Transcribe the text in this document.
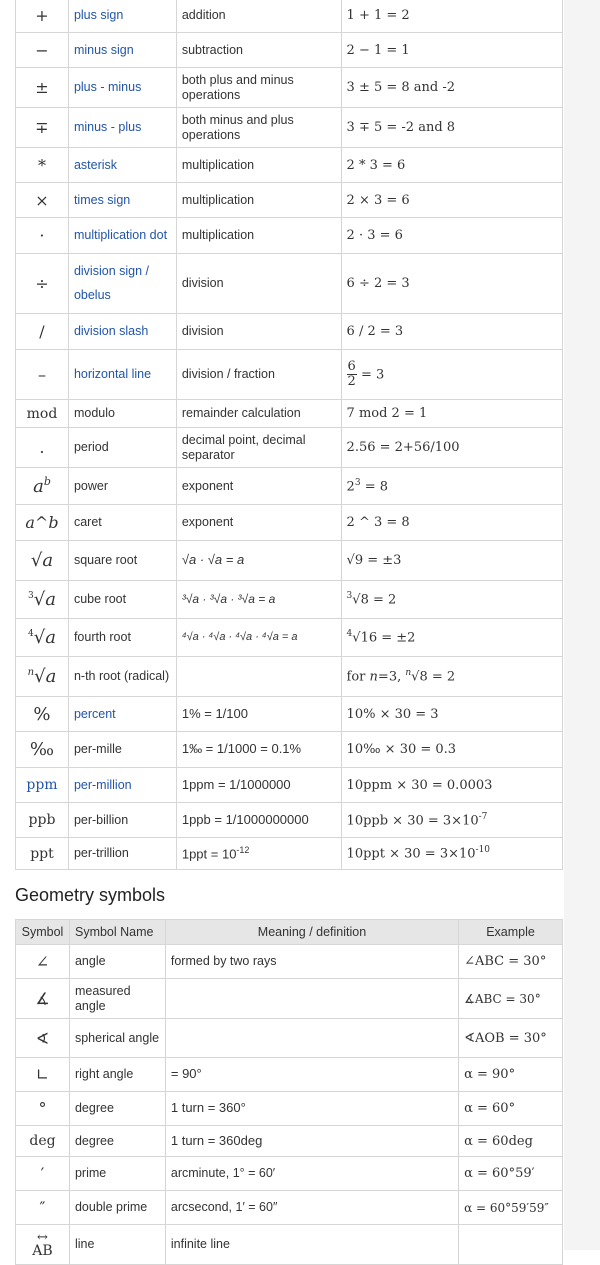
+	plus sign	addition	1 + 1 = 2
−	minus sign	subtraction	2 − 1 = 1
±	plus - minus	both plus and minus operations	3 ± 5 = 8 and -2
∓	minus - plus	both minus and plus operations	3 ∓ 5 = -2 and 8
*	asterisk	multiplication	2 * 3 = 6
×	times sign	multiplication	2 × 3 = 6
·	multiplication dot	multiplication	2 · 3 = 6
÷	division sign / obelus	division	6 ÷ 2 = 3
/	division slash	division	6 / 2 = 3
–	horizontal line	division / fraction	$\frac{6}{2} = 3$
mod	modulo	remainder calculation	7 mod 2 = 1
.	period	decimal point, decimal separator	2.56 = 2+56/100
$a^b$	power	exponent	$2^3 = 8$
a^b	caret	exponent	2 ^ 3 = 8
√a	square root	√a · √a = a	√9 = ±3
$^3$√a	cube root	³√a · ³√a · ³√a = a	$^3$√8 = 2
$^4$√a	fourth root	⁴√a · ⁴√a · ⁴√a · ⁴√a = a	$^4$√16 = ±2
$^n$√a	n-th root (radical)		for n=3, $^n$√8 = 2
%	percent	1% = 1/100	10% × 30 = 3
‰	per-mille	1‰ = 1/1000 = 0.1%	10‰ × 30 = 0.3
ppm	per-million	1ppm = 1/1000000	10ppm × 30 = 0.0003
ppb	per-billion	1ppb = 1/1000000000	$10ppb \times 30 = 3\times 10^{-7}$
ppt	per-trillion	$1ppt = 10^{-12}$	$10ppt \times 30 = 3\times 10^{-10}$
Geometry symbols
Symbol	Symbol Name	Meaning / definition	Example
∠	angle	formed by two rays	∠ABC = 30°
∡	measured angle		∡ABC = 30°
∢	spherical angle		∢AOB = 30°
∟	right angle	= 90°	α = 90°
°	degree	1 turn = 360°	α = 60°
deg	degree	1 turn = 360deg	α = 60deg
′	prime	arcminute, 1° = 60′	α = 60°59′
″	double prime	arcsecond, 1′ = 60″	α = 60°59′59″

↔
AB	line	infinite line	
